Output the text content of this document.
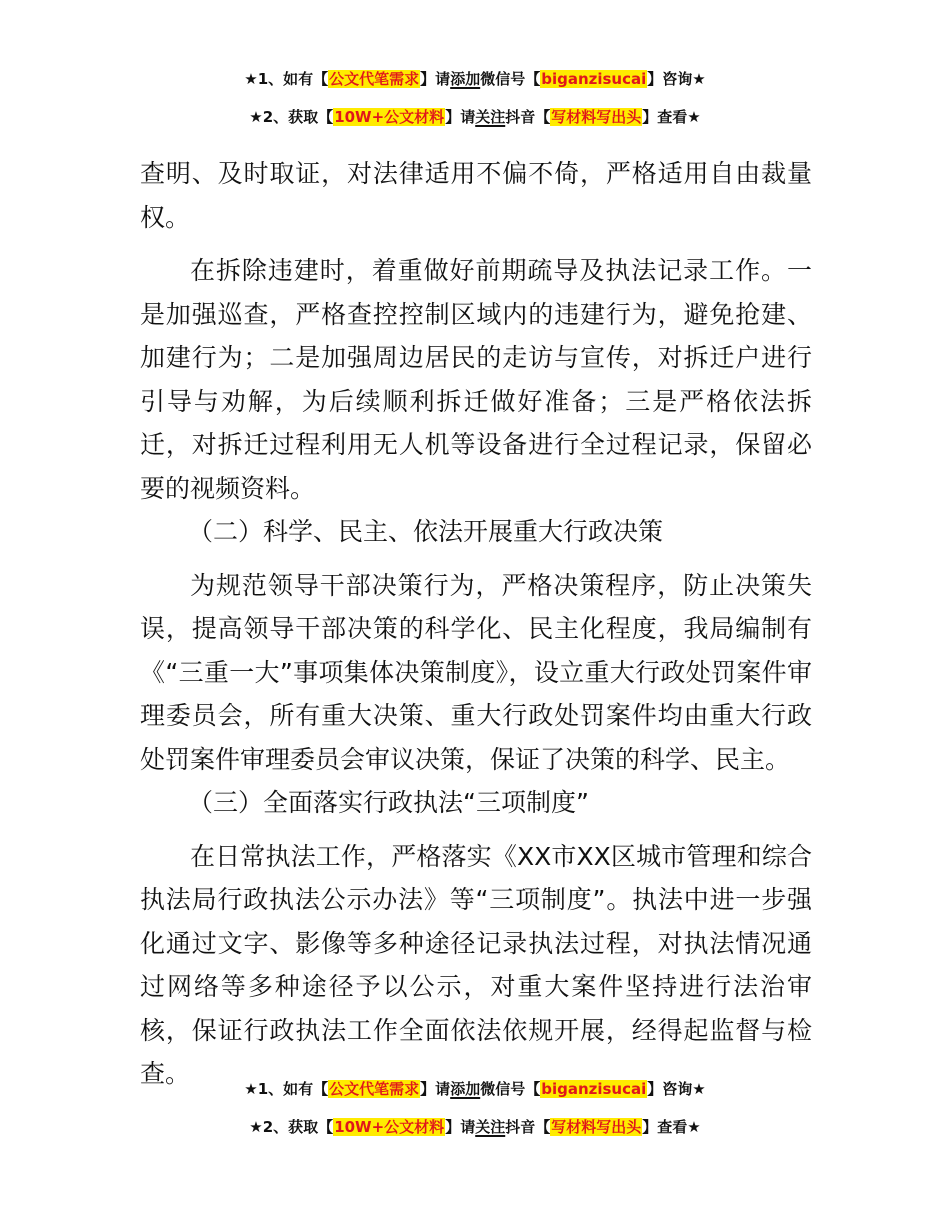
★1、如有【公文代笔需求】请添加微信号【biganzisucai】咨询★
★2、获取【10W+公文材料】请关注抖音【写材料写出头】查看★

查明、及时取证，对法律适用不偏不倚，严格适用自由裁量权。

在拆除违建时，着重做好前期疏导及执法记录工作。一是加强巡查，严格查控控制区域内的违建行为，避免抢建、加建行为；二是加强周边居民的走访与宣传，对拆迁户进行引导与劝解，为后续顺利拆迁做好准备；三是严格依法拆迁，对拆迁过程利用无人机等设备进行全过程记录，保留必要的视频资料。

（二）科学、民主、依法开展重大行政决策

为规范领导干部决策行为，严格决策程序，防止决策失误，提高领导干部决策的科学化、民主化程度，我局编制有《“三重一大”事项集体决策制度》，设立重大行政处罚案件审理委员会，所有重大决策、重大行政处罚案件均由重大行政处罚案件审理委员会审议决策，保证了决策的科学、民主。

（三）全面落实行政执法“三项制度”

在日常执法工作，严格落实《XX市XX区城市管理和综合执法局行政执法公示办法》等“三项制度”。执法中进一步强化通过文字、影像等多种途径记录执法过程，对执法情况通过网络等多种途径予以公示，对重大案件坚持进行法治审核，保证行政执法工作全面依法依规开展，经得起监督与检查。

★1、如有【公文代笔需求】请添加微信号【biganzisucai】咨询★
★2、获取【10W+公文材料】请关注抖音【写材料写出头】查看★
